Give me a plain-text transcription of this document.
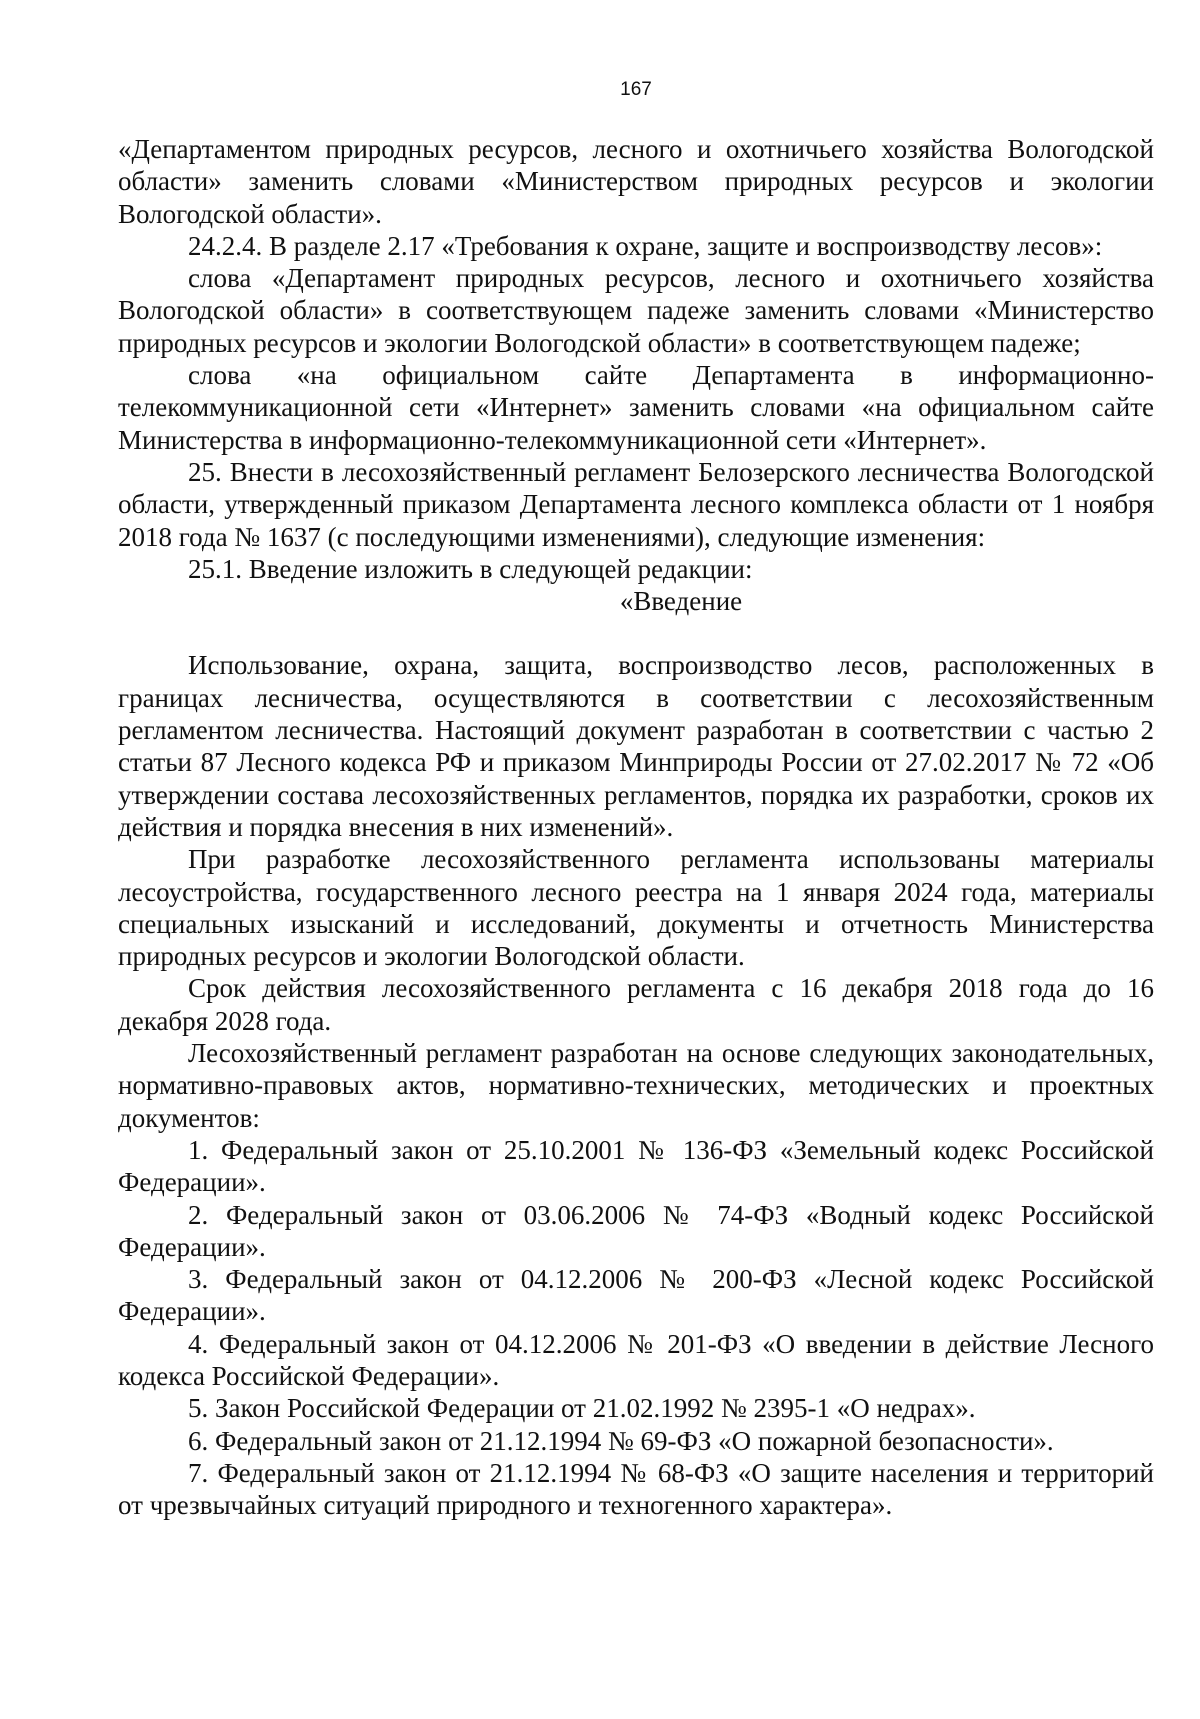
167

«Департаментом природных ресурсов, лесного и охотничьего хозяйства Вологодской области» заменить словами «Министерством природных ресурсов и экологии Вологодской области».

24.2.4. В разделе 2.17 «Требования к охране, защите и воспроизводству лесов»:

слова «Департамент природных ресурсов, лесного и охотничьего хозяйства Вологодской области» в соответствующем падеже заменить словами «Министерство природных ресурсов и экологии Вологодской области» в соответствующем падеже;

слова «на официальном сайте Департамента в информационно-телекоммуникационной сети «Интернет» заменить словами «на официальном сайте Министерства в информационно-телекоммуникационной сети «Интернет».

25. Внести в лесохозяйственный регламент Белозерского лесничества Вологодской области, утвержденный приказом Департамента лесного комплекса области от 1 ноября 2018 года № 1637 (с последующими изменениями), следующие изменения:

25.1. Введение изложить в следующей редакции:

«Введение

Использование, охрана, защита, воспроизводство лесов, расположенных в границах лесничества, осуществляются в соответствии с лесохозяйственным регламентом лесничества. Настоящий документ разработан в соответствии с частью 2 статьи 87 Лесного кодекса РФ и приказом Минприроды России от 27.02.2017 № 72 «Об утверждении состава лесохозяйственных регламентов, порядка их разработки, сроков их действия и порядка внесения в них изменений».

При разработке лесохозяйственного регламента использованы материалы лесоустройства, государственного лесного реестра на 1 января 2024 года, материалы специальных изысканий и исследований, документы и отчетность Министерства природных ресурсов и экологии Вологодской области.

Срок действия лесохозяйственного регламента с 16 декабря 2018 года до 16 декабря 2028 года.

Лесохозяйственный регламент разработан на основе следующих законодательных, нормативно-правовых актов, нормативно-технических, методических и проектных документов:

1. Федеральный закон от 25.10.2001 № 136-ФЗ «Земельный кодекс Российской Федерации».

2. Федеральный закон от 03.06.2006 № 74-ФЗ «Водный кодекс Российской Федерации».

3. Федеральный закон от 04.12.2006 № 200-ФЗ «Лесной кодекс Российской Федерации».

4. Федеральный закон от 04.12.2006 № 201-ФЗ «О введении в действие Лесного кодекса Российской Федерации».

5. Закон Российской Федерации от 21.02.1992 № 2395-1 «О недрах».

6. Федеральный закон от 21.12.1994 № 69-ФЗ «О пожарной безопасности».

7. Федеральный закон от 21.12.1994 № 68-ФЗ «О защите населения и территорий от чрезвычайных ситуаций природного и техногенного характера».
